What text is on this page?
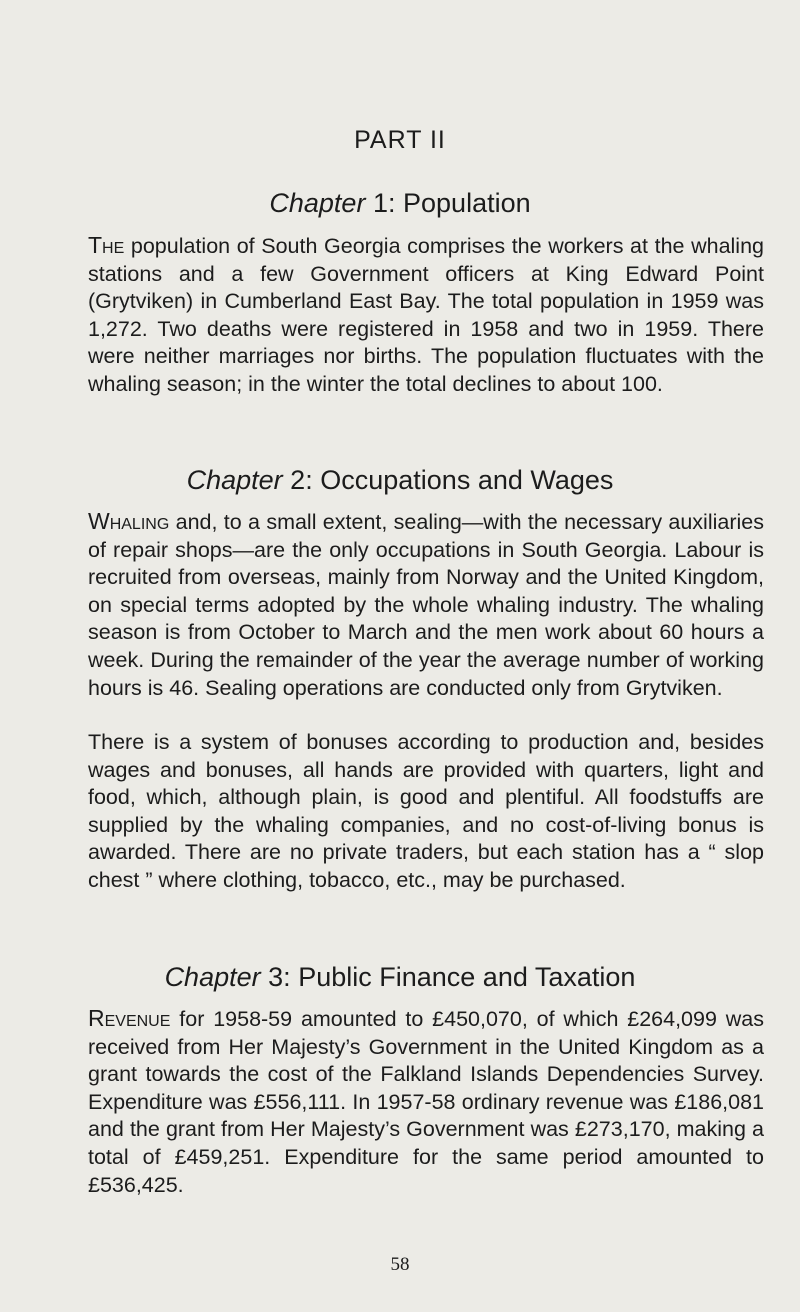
PART II
Chapter 1: Population

The population of South Georgia comprises the workers at the whaling stations and a few Government officers at King Edward Point (Grytviken) in Cumberland East Bay. The total population in 1959 was 1,272. Two deaths were registered in 1958 and two in 1959. There were neither marriages nor births. The population fluctuates with the whaling season; in the winter the total declines to about 100.

Chapter 2: Occupations and Wages

Whaling and, to a small extent, sealing—with the necessary auxiliaries of repair shops—are the only occupations in South Georgia. Labour is recruited from overseas, mainly from Norway and the United Kingdom, on special terms adopted by the whole whaling industry. The whaling season is from October to March and the men work about 60 hours a week. During the remainder of the year the average number of working hours is 46. Sealing operations are conducted only from Grytviken.

There is a system of bonuses according to production and, besides wages and bonuses, all hands are provided with quarters, light and food, which, although plain, is good and plentiful. All foodstuffs are supplied by the whaling companies, and no cost-of-living bonus is awarded. There are no private traders, but each station has a “ slop chest ” where clothing, tobacco, etc., may be purchased.

Chapter 3: Public Finance and Taxation

Revenue for 1958-59 amounted to £450,070, of which £264,099 was received from Her Majesty’s Government in the United Kingdom as a grant towards the cost of the Falkland Islands Dependencies Survey. Expenditure was £556,111. In 1957-58 ordinary revenue was £186,081 and the grant from Her Majesty’s Government was £273,170, making a total of £459,251. Expenditure for the same period amounted to £536,425.

58
